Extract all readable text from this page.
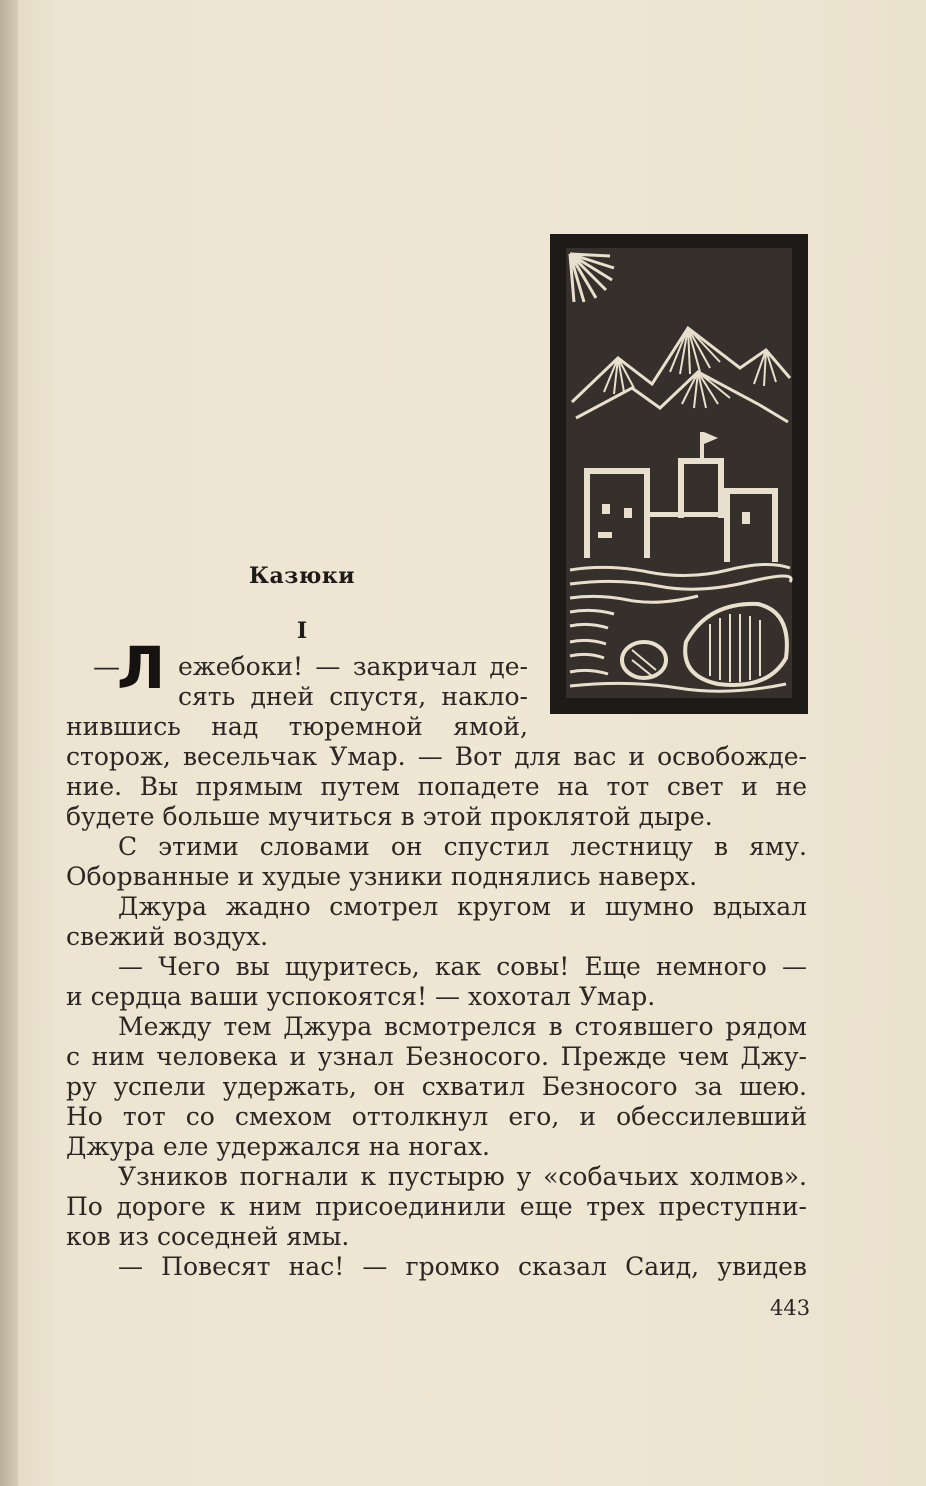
Казюки
I
—
Л ежебоки! — закричал де-
сять дней спустя, накло-
нившись над тюремной ямой,
сторож, весельчак Умар. — Вот для вас и освобожде-
ние. Вы прямым путем попадете на тот свет и не
будете больше мучиться в этой проклятой дыре.
С этими словами он спустил лестницу в яму.
Оборванные и худые узники поднялись наверх.
Джура жадно смотрел кругом и шумно вдыхал
свежий воздух.
— Чего вы щуритесь, как совы! Еще немного —
и сердца ваши успокоятся! — хохотал Умар.
Между тем Джура всмотрелся в стоявшего рядом
с ним человека и узнал Безносого. Прежде чем Джу-
ру успели удержать, он схватил Безносого за шею.
Но тот со смехом оттолкнул его, и обессилевший
Джура еле удержался на ногах.
Узников погнали к пустырю у «собачьих холмов».
По дороге к ним присоединили еще трех преступни-
ков из соседней ямы.
— Повесят нас! — громко сказал Саид, увидев
443
